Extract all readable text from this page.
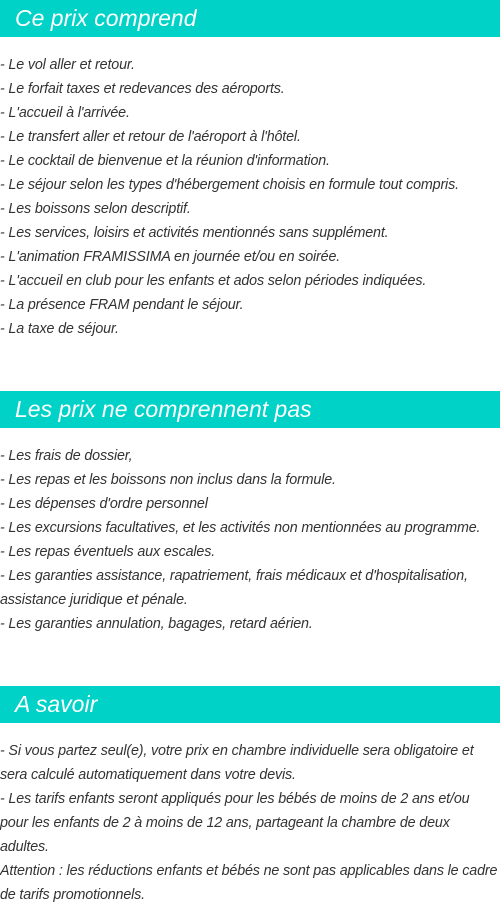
Ce prix comprend
- Le vol aller et retour.
- Le forfait taxes et redevances des aéroports.
- L'accueil à l'arrivée.
- Le transfert aller et retour de l'aéroport à l'hôtel.
- Le cocktail de bienvenue et la réunion d'information.
- Le séjour selon les types d'hébergement choisis en formule tout compris.
- Les boissons selon descriptif.
- Les services, loisirs et activités mentionnés sans supplément.
- L'animation FRAMISSIMA en journée et/ou en soirée.
- L'accueil en club pour les enfants et ados selon périodes indiquées.
- La présence FRAM pendant le séjour.
- La taxe de séjour.
Les prix ne comprennent pas
- Les frais de dossier,
- Les repas et les boissons non inclus dans la formule.
- Les dépenses d'ordre personnel
- Les excursions facultatives, et les activités non mentionnées au programme.
- Les repas éventuels aux escales.
- Les garanties assistance, rapatriement, frais médicaux et d'hospitalisation, assistance juridique et pénale.
- Les garanties annulation, bagages, retard aérien.
A savoir
- Si vous partez seul(e), votre prix en chambre individuelle sera obligatoire et sera calculé automatiquement dans votre devis.
- Les tarifs enfants seront appliqués pour les bébés de moins de 2 ans et/ou pour les enfants de 2 à moins de 12 ans, partageant la chambre de deux adultes.
Attention : les réductions enfants et bébés ne sont pas applicables dans le cadre de tarifs promotionnels.
